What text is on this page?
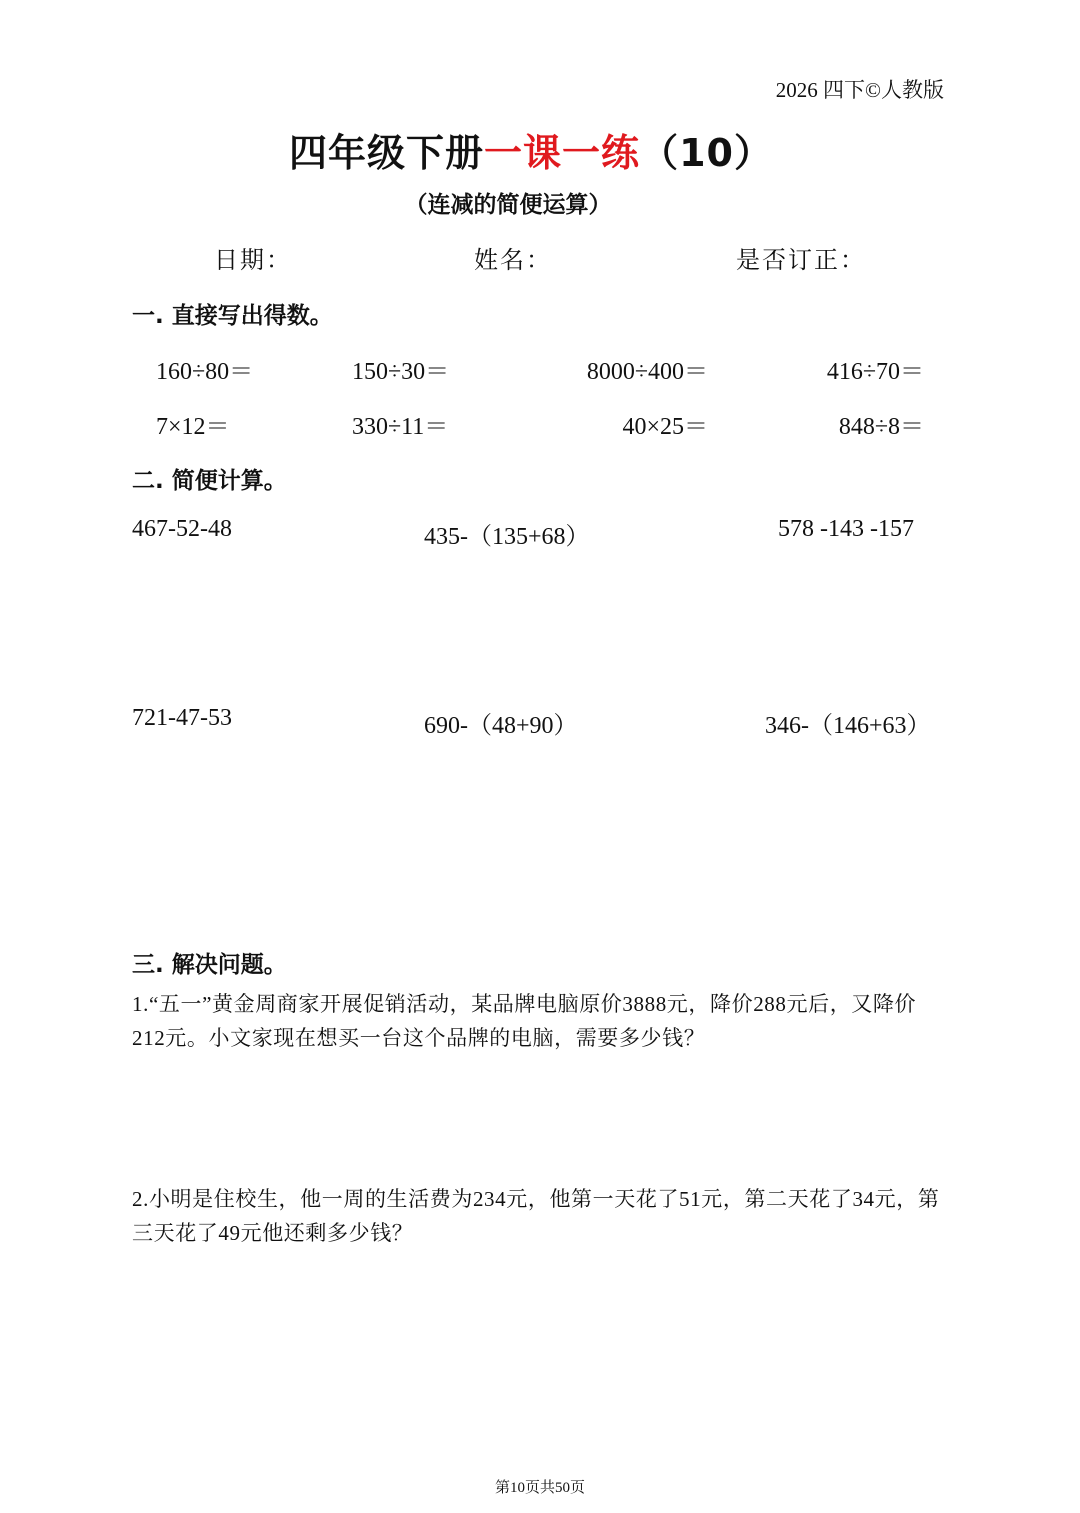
2026 四下©人教版
四年级下册一课一练（10）
（连减的简便运算）
日期：	姓名：	是否订正：
一. 直接写出得数。
160÷80＝	150÷30＝	8000÷400＝	416÷70＝
7×12＝	330÷11＝	40×25＝	848÷8＝
二. 简便计算。
467-52-48	435-（135+68）	578 -143 -157
721-47-53	690-（48+90）	346-（146+63）
三. 解决问题。
1.“五一”黄金周商家开展促销活动，某品牌电脑原价3888元，降价288元后，又降价212元。小文家现在想买一台这个品牌的电脑，需要多少钱？
2.小明是住校生，他一周的生活费为234元，他第一天花了51元，第二天花了34元，第三天花了49元他还剩多少钱？
第10页共50页
